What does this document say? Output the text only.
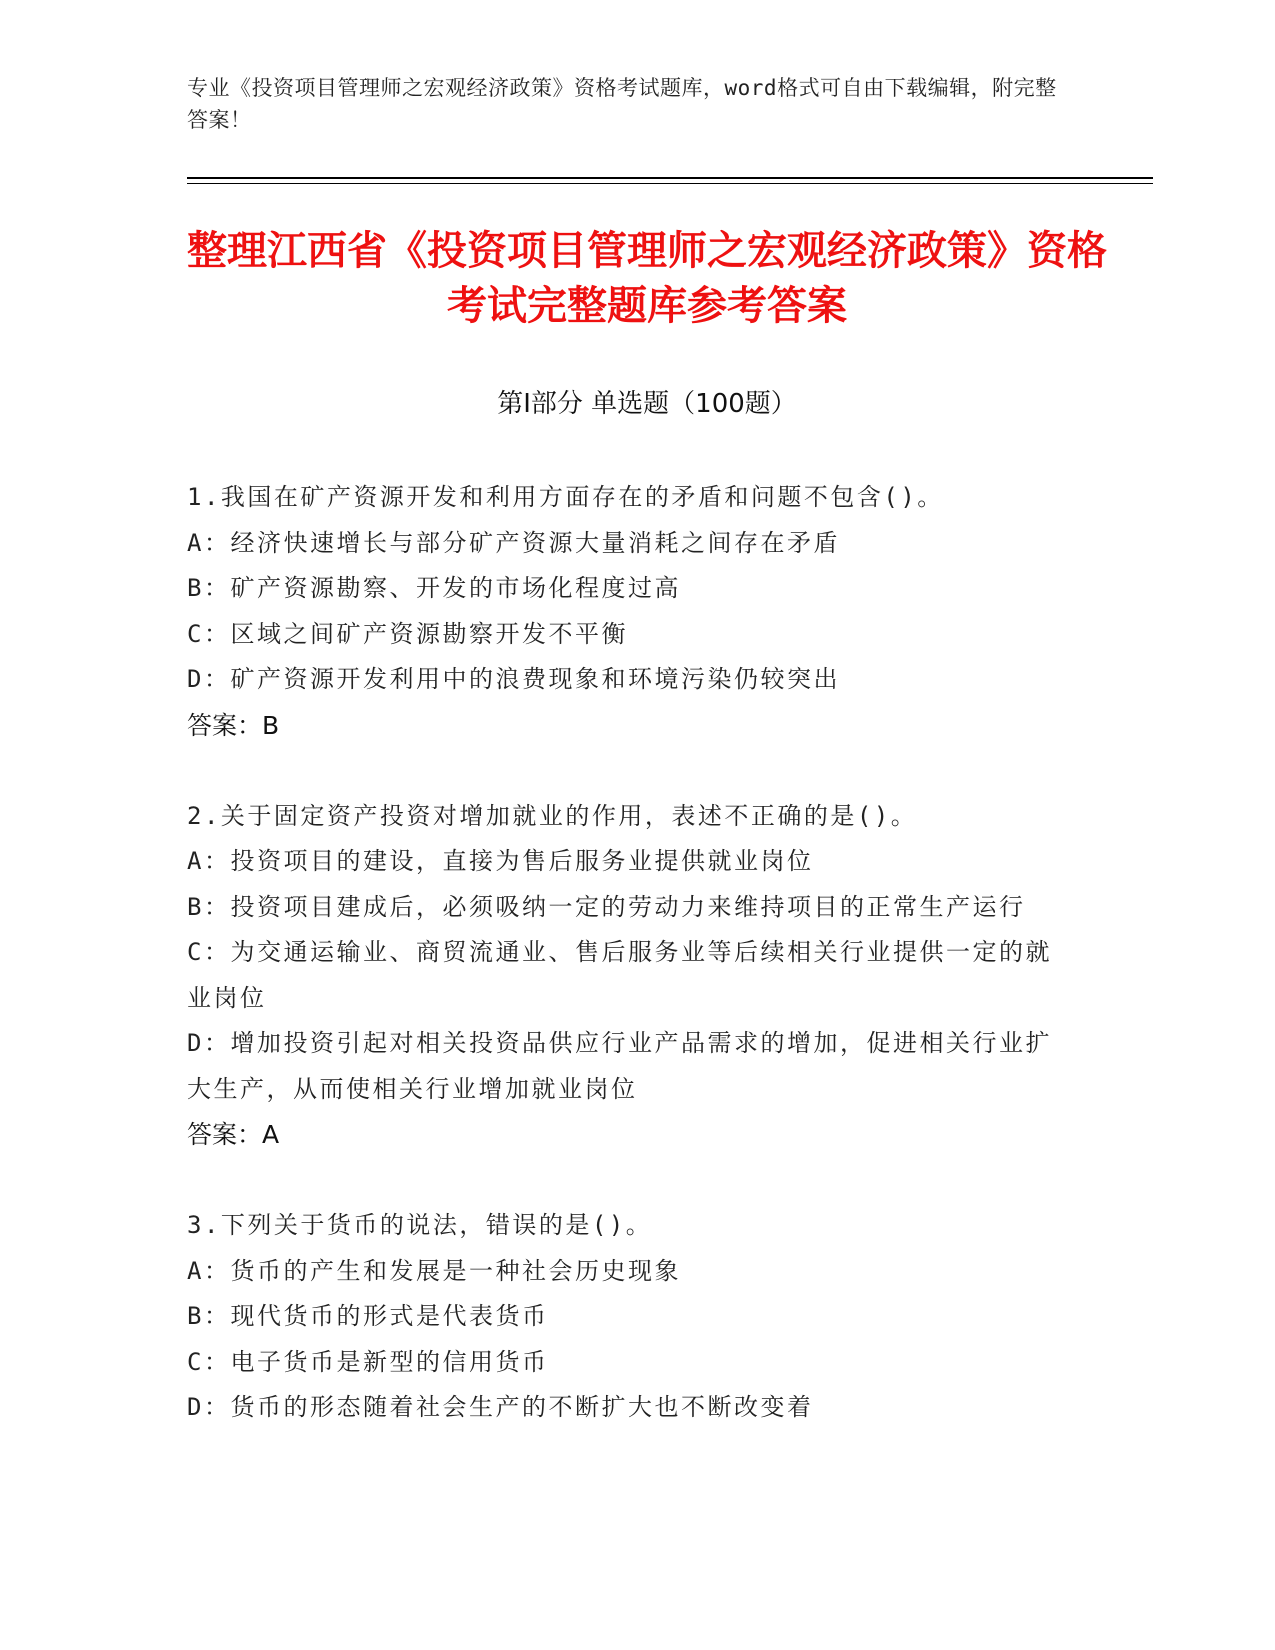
专业《投资项目管理师之宏观经济政策》资格考试题库，word格式可自由下载编辑，附完整答案！
整理江西省《投资项目管理师之宏观经济政策》资格考试完整题库参考答案
第I部分 单选题（100题）
1.我国在矿产资源开发和利用方面存在的矛盾和问题不包含()。
A：经济快速增长与部分矿产资源大量消耗之间存在矛盾
B：矿产资源勘察、开发的市场化程度过高
C：区域之间矿产资源勘察开发不平衡
D：矿产资源开发利用中的浪费现象和环境污染仍较突出
答案：B
2.关于固定资产投资对增加就业的作用，表述不正确的是()。
A：投资项目的建设，直接为售后服务业提供就业岗位
B：投资项目建成后，必须吸纳一定的劳动力来维持项目的正常生产运行
C：为交通运输业、商贸流通业、售后服务业等后续相关行业提供一定的就业岗位
D：增加投资引起对相关投资品供应行业产品需求的增加，促进相关行业扩大生产，从而使相关行业增加就业岗位
答案：A
3.下列关于货币的说法，错误的是()。
A：货币的产生和发展是一种社会历史现象
B：现代货币的形式是代表货币
C：电子货币是新型的信用货币
D：货币的形态随着社会生产的不断扩大也不断改变着
